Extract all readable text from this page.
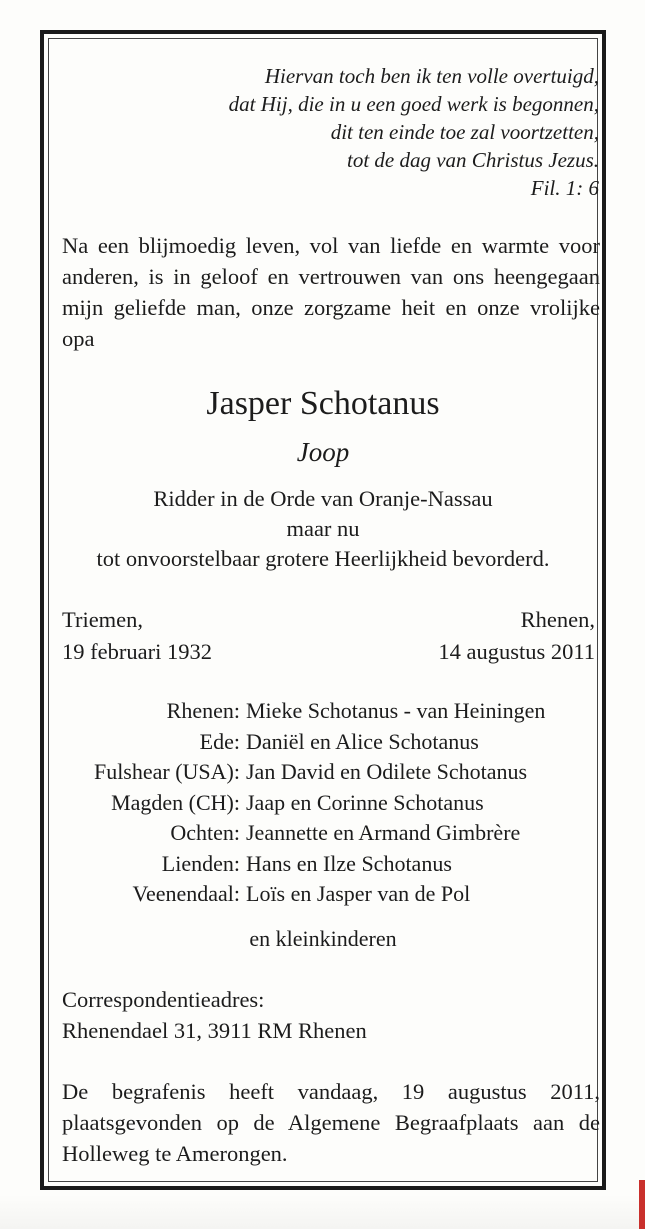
Hiervan toch ben ik ten volle overtuigd,
dat Hij, die in u een goed werk is begonnen,
dit ten einde toe zal voortzetten,
tot de dag van Christus Jezus.
Fil. 1: 6
Na een blijmoedig leven, vol van liefde en warmte voor anderen, is in geloof en vertrouwen van ons heengegaan mijn geliefde man, onze zorgzame heit en onze vrolijke opa
Jasper Schotanus
Joop
Ridder in de Orde van Oranje-Nassau
maar nu
tot onvoorstelbaar grotere Heerlijkheid bevorderd.
Triemen,
19 februari 1932
Rhenen,
14 augustus 2011
Rhenen: Mieke Schotanus - van Heiningen
Ede: Daniël en Alice Schotanus
Fulshear (USA): Jan David en Odilete Schotanus
Magden (CH): Jaap en Corinne Schotanus
Ochten: Jeannette en Armand Gimbrère
Lienden: Hans en Ilze Schotanus
Veenendaal: Loïs en Jasper van de Pol
en kleinkinderen
Correspondentieadres:
Rhenendael 31, 3911 RM Rhenen
De begrafenis heeft vandaag, 19 augustus 2011, plaatsgevonden op de Algemene Begraafplaats aan de Holleweg te Amerongen.
